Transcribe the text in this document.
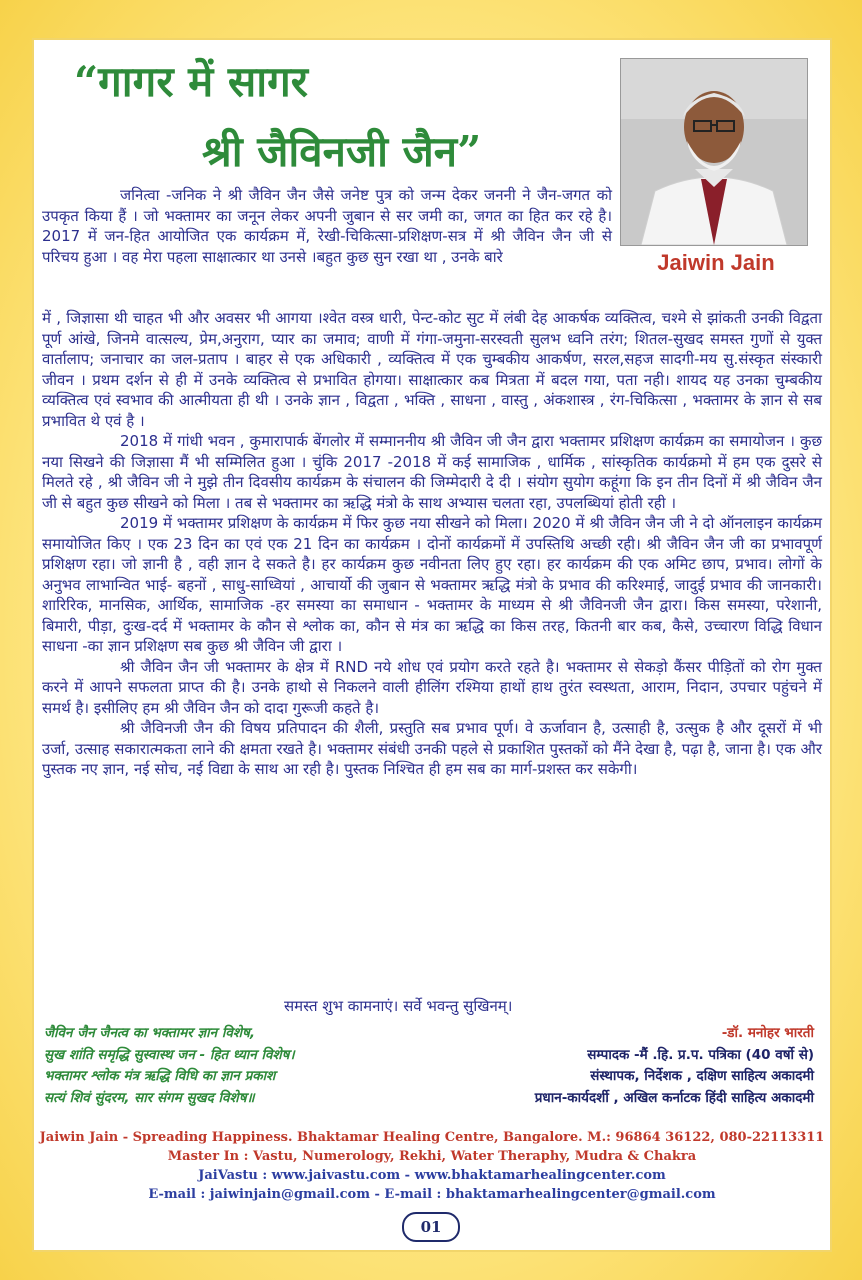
“गागर में सागर
श्री जैविनजी जैन”
Jaiwin Jain

जनित्वा -जनिक ने श्री जैविन जैन जैसे जनेष्ट पुत्र को जन्म देकर जननी ने जैन-जगत को उपकृत किया हैं । जो भक्तामर का जनून लेकर अपनी जुबान से सर जमी का, जगत का हित कर रहे है। 2017 में जन-हित आयोजित एक कार्यक्रम में, रेखी-चिकित्सा-प्रशिक्षण-सत्र में श्री जैविन जैन जी से परिचय हुआ । वह मेरा पहला साक्षात्कार था उनसे ।बहुत कुछ सुन रखा था , उनके बारे

में , जिज्ञासा थी चाहत भी और अवसर भी आगया ।श्वेत वस्त्र धारी, पेन्ट-कोट सुट में लंबी देह आकर्षक व्यक्तित्व, चश्मे से झांकती उनकी विद्वता पूर्ण आंखे, जिनमे वात्सल्य, प्रेम,अनुराग, प्यार का जमाव; वाणी में गंगा-जमुना-सरस्वती सुलभ ध्वनि तरंग; शितल-सुखद समस्त गुणों से युक्त वार्तालाप; जनाचार का जल-प्रताप । बाहर से एक अधिकारी , व्यक्तित्व में एक चुम्बकीय आकर्षण, सरल,सहज सादगी-मय सु.संस्कृत संस्कारी जीवन । प्रथम दर्शन से ही में उनके व्यक्तित्व से प्रभावित होगया। साक्षात्कार कब मित्रता में बदल गया, पता नही। शायद यह उनका चुम्बकीय व्यक्तित्व एवं स्वभाव की आत्मीयता ही थी । उनके ज्ञान , विद्वता , भक्ति , साधना , वास्तु , अंकशास्त्र , रंग-चिकित्सा , भक्तामर के ज्ञान से सब प्रभावित थे एवं है ।

2018 में गांधी भवन , कुमारापार्क बेंगलोर में सम्माननीय श्री जैविन जी जैन द्वारा भक्तामर प्रशिक्षण कार्यक्रम का समायोजन । कुछ नया सिखने की जिज्ञासा मैं भी सम्मिलित हुआ । चुंकि 2017 -2018 में कई सामाजिक , धार्मिक , सांस्कृतिक कार्यक्रमो में हम एक दुसरे से मिलते रहे , श्री जैविन जी ने मुझे तीन दिवसीय कार्यक्रम के संचालन की जिम्मेदारी दे दी । संयोग सुयोग कहूंगा कि इन तीन दिनों में श्री जैविन जैन जी से बहुत कुछ सीखने को मिला । तब से भक्तामर का ऋद्धि मंत्रो के साथ अभ्यास चलता रहा, उपलब्धियां होती रही ।

2019 में भक्तामर प्रशिक्षण के कार्यक्रम में फिर कुछ नया सीखने को मिला। 2020 में श्री जैविन जैन जी ने दो ऑनलाइन कार्यक्रम समायोजित किए । एक 23 दिन का एवं एक 21 दिन का कार्यक्रम । दोनों कार्यक्रमों में उपस्तिथि अच्छी रही। श्री जैविन जैन जी का प्रभावपूर्ण प्रशिक्षण रहा। जो ज्ञानी है , वही ज्ञान दे सकते है। हर कार्यक्रम कुछ नवीनता लिए हुए रहा। हर कार्यक्रम की एक अमिट छाप, प्रभाव। लोगों के अनुभव लाभान्वित भाई- बहनों , साधु-साध्वियां , आचार्यो की जुबान से भक्तामर ऋद्धि मंत्रो के प्रभाव की करिश्माई, जादुई प्रभाव की जानकारी। शारिरिक, मानसिक, आर्थिक, सामाजिक -हर समस्या का समाधान - भक्तामर के माध्यम से श्री जैविनजी जैन द्वारा। किस समस्या, परेशानी, बिमारी, पीड़ा, दुःख-दर्द में भक्तामर के कौन से श्लोक का, कौन से मंत्र का ऋद्धि का किस तरह, कितनी बार कब, कैसे, उच्चारण विद्धि विधान साधना -का ज्ञान प्रशिक्षण सब कुछ श्री जैविन जी द्वारा ।

श्री जैविन जैन जी भक्तामर के क्षेत्र में RND नये शोध एवं प्रयोग करते रहते है। भक्तामर से सेकड़ो कैंसर पीड़ितों को रोग मुक्त करने में आपने सफलता प्राप्त की है। उनके हाथो से निकलने वाली हीलिंग रश्मिया हाथों हाथ तुरंत स्वस्थता, आराम, निदान, उपचार पहुंचने में समर्थ है। इसीलिए हम श्री जैविन जैन को दादा गुरूजी कहते है।

श्री जैविनजी जैन की विषय प्रतिपादन की शैली, प्रस्तुति सब प्रभाव पूर्ण। वे ऊर्जावान है, उत्साही है, उत्सुक है और दूसरों में भी उर्जा, उत्साह सकारात्मकता लाने की क्षमता रखते है। भक्तामर संबंधी उनकी पहले से प्रकाशित पुस्तकों को मैंने देखा है, पढ़ा है, जाना है। एक और पुस्तक नए ज्ञान, नई सोच, नई विद्या के साथ आ रही है। पुस्तक निश्चित ही हम सब का मार्ग-प्रशस्त कर सकेगी।

समस्त शुभ कामनाएं। सर्वे भवन्तु सुखिनम्।
जैविन जैन जैनत्व का भक्तामर ज्ञान विशेष,
सुख शांति समृद्धि सुस्वास्थ जन - हित ध्यान विशेष।
भक्तामर श्लोक मंत्र ऋद्धि विधि का ज्ञान प्रकाश
सत्यं शिवं सुंदरम, सार संगम सुखद विशेष॥
-डॉ. मनोहर भारती
सम्पादक -मैं .हि. प्र.प. पत्रिका (40 वर्षो से)
संस्थापक, निर्देशक , दक्षिण साहित्य अकादमी
प्रधान-कार्यदर्शी , अखिल कर्नाटक हिंदी साहित्य अकादमी
Jaiwin Jain - Spreading Happiness. Bhaktamar Healing Centre, Bangalore. M.: 96864 36122, 080-22113311
Master In : Vastu, Numerology, Rekhi, Water Theraphy, Mudra & Chakra
JaiVastu : www.jaivastu.com - www.bhaktamarhealingcenter.com
E-mail : jaiwinjain@gmail.com - E-mail : bhaktamarhealingcenter@gmail.com
01
